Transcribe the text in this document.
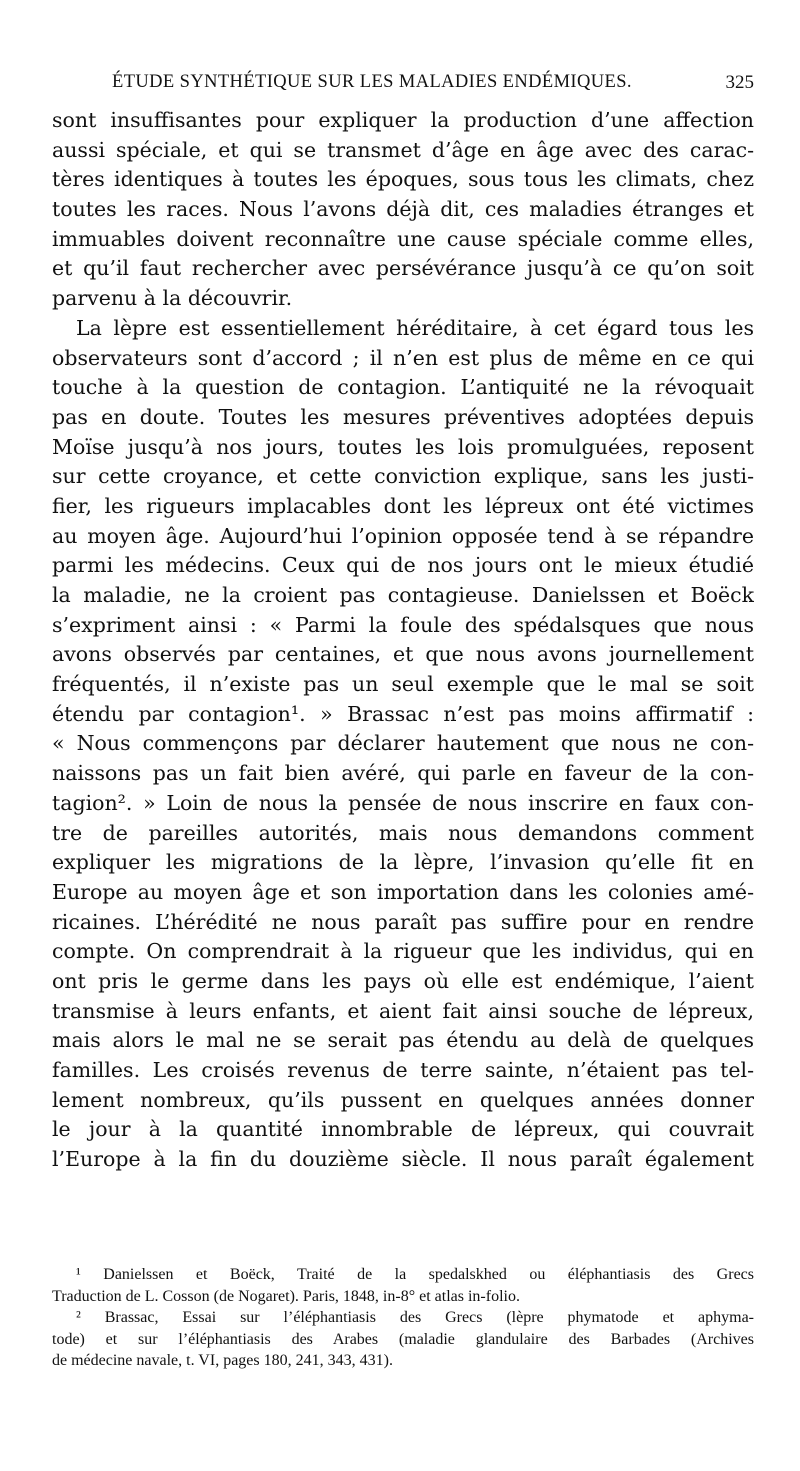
ÉTUDE SYNTHÉTIQUE SUR LES MALADIES ENDÉMIQUES.	325
sont insuffisantes pour expliquer la production d’une affection
aussi spéciale, et qui se transmet d’âge en âge avec des carac-
tères identiques à toutes les époques, sous tous les climats, chez
toutes les races. Nous l’avons déjà dit, ces maladies étranges et
immuables doivent reconnaître une cause spéciale comme elles,
et qu’il faut rechercher avec persévérance jusqu’à ce qu’on soit
parvenu à la découvrir.
La lèpre est essentiellement héréditaire, à cet égard tous les
observateurs sont d’accord ; il n’en est plus de même en ce qui
touche à la question de contagion. L’antiquité ne la révoquait
pas en doute. Toutes les mesures préventives adoptées depuis
Moïse jusqu’à nos jours, toutes les lois promulguées, reposent
sur cette croyance, et cette conviction explique, sans les justi-
fier, les rigueurs implacables dont les lépreux ont été victimes
au moyen âge. Aujourd’hui l’opinion opposée tend à se répandre
parmi les médecins. Ceux qui de nos jours ont le mieux étudié
la maladie, ne la croient pas contagieuse. Danielssen et Boëck
s’expriment ainsi : « Parmi la foule des spédalsques que nous
avons observés par centaines, et que nous avons journellement
fréquentés, il n’existe pas un seul exemple que le mal se soit
étendu par contagion¹. » Brassac n’est pas moins affirmatif :
« Nous commençons par déclarer hautement que nous ne con-
naissons pas un fait bien avéré, qui parle en faveur de la con-
tagion². » Loin de nous la pensée de nous inscrire en faux con-
tre de pareilles autorités, mais nous demandons comment
expliquer les migrations de la lèpre, l’invasion qu’elle fit en
Europe au moyen âge et son importation dans les colonies amé-
ricaines. L’hérédité ne nous paraît pas suffire pour en rendre
compte. On comprendrait à la rigueur que les individus, qui en
ont pris le germe dans les pays où elle est endémique, l’aient
transmise à leurs enfants, et aient fait ainsi souche de lépreux,
mais alors le mal ne se serait pas étendu au delà de quelques
familles. Les croisés revenus de terre sainte, n’étaient pas tel-
lement nombreux, qu’ils pussent en quelques années donner
le jour à la quantité innombrable de lépreux, qui couvrait
l’Europe à la fin du douzième siècle. Il nous paraît également
¹ Danielssen et Boëck, Traité de la spedalskhed ou éléphantiasis des Grecs
Traduction de L. Cosson (de Nogaret). Paris, 1848, in-8° et atlas in-folio.
² Brassac, Essai sur l’éléphantiasis des Grecs (lèpre phymatode et aphyma-
tode) et sur l’éléphantiasis des Arabes (maladie glandulaire des Barbades (Archives
de médecine navale, t. VI, pages 180, 241, 343, 431).
